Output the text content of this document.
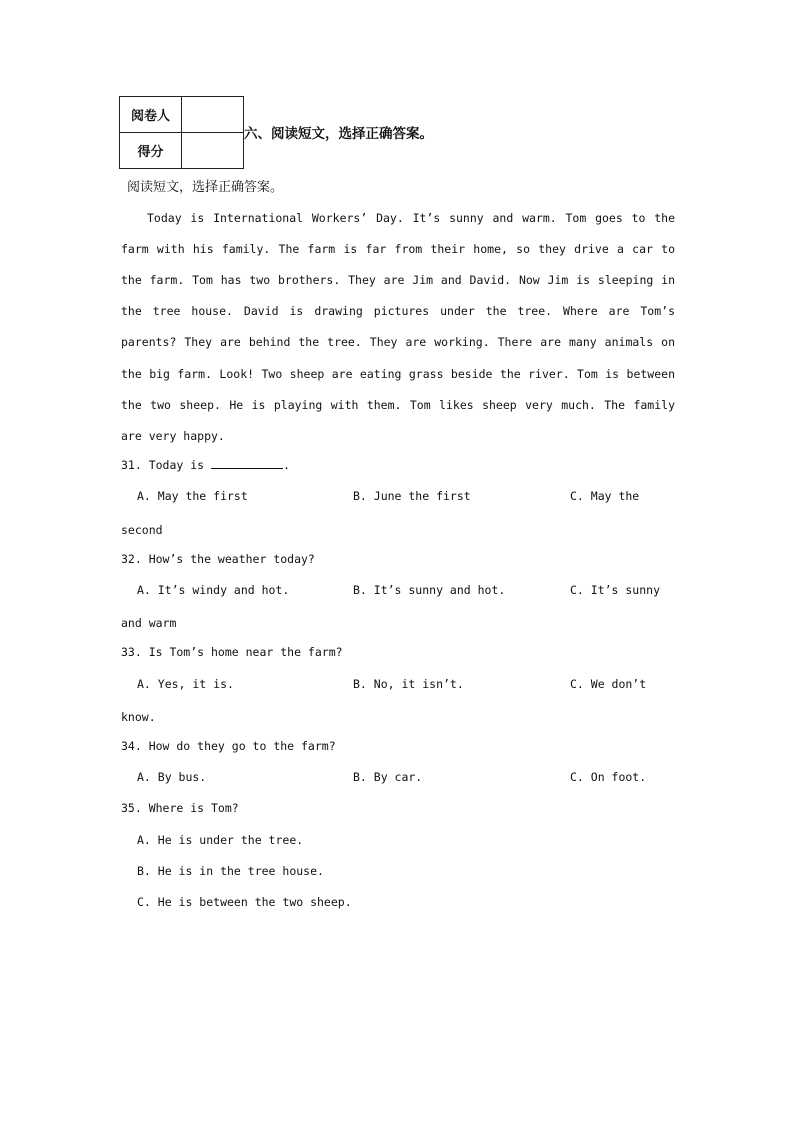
阅卷人	
得分	
六、阅读短文，选择正确答案。
阅读短文，选择正确答案。
Today is International Workers’ Day. It’s sunny and warm. Tom goes to the
farm with his family. The farm is far from their home, so they drive a car to
the farm. Tom has two brothers. They are Jim and David. Now Jim is sleeping in
the tree house. David is drawing pictures under the tree. Where are Tom’s
parents? They are behind the tree. They are working. There are many animals on
the big farm. Look! Two sheep are eating grass beside the river. Tom is between
the two sheep. He is playing with them. Tom likes sheep very much. The family
are very happy.
31. Today is	.
A. May the first	B. June the first	C. May the
second
32. How’s the weather today?
A. It’s windy and hot.	B. It’s sunny and hot.	C. It’s sunny
and warm
33. Is Tom’s home near the farm?
A. Yes, it is.	B. No, it isn’t.	C. We don’t
know.
34. How do they go to the farm?
A. By bus.	B. By car.	C. On foot.
35. Where is Tom?
A. He is under the tree.
B. He is in the tree house.
C. He is between the two sheep.
